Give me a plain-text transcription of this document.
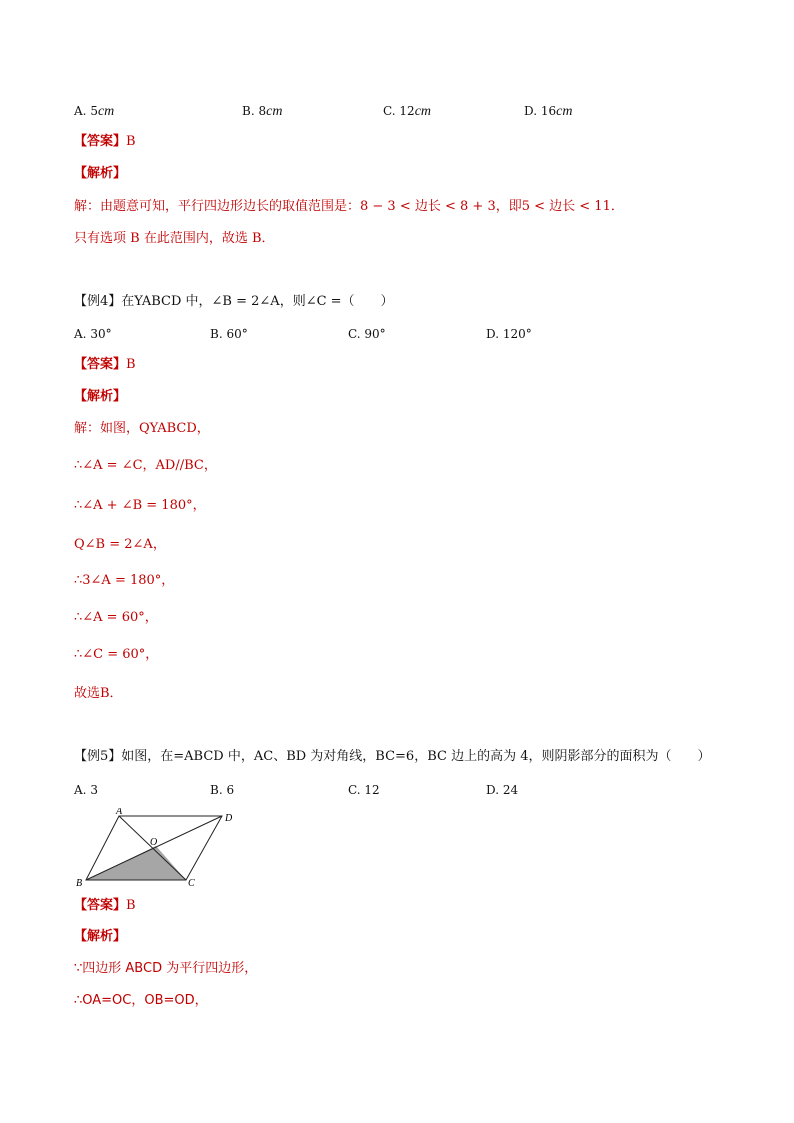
A. 5cm	B. 8cm	C. 12cm	D. 16cm
【答案】B
【解析】
解：由题意可知，平行四边形边长的取值范围是：8 − 3 < 边长 < 8 + 3，即5 < 边长 < 11．
只有选项 B 在此范围内，故选 B．
【例4】在YABCD 中，∠B = 2∠A，则∠C =（　　）
A. 30°	B. 60°	C. 90°	D. 120°
【答案】B
【解析】
解：如图，QYABCD，
∴∠A = ∠C，AD//BC，
∴∠A + ∠B = 180°，
Q∠B = 2∠A，
∴3∠A = 180°，
∴∠A = 60°，
∴∠C = 60°，
故选B．
【例5】如图，在=ABCD 中，AC、BD 为对角线，BC=6，BC 边上的高为 4，则阴影部分的面积为（　　）
A. 3	B. 6	C. 12	D. 24
A
D
B	C
O
【答案】B
【解析】
∵四边形 ABCD 为平行四边形，
∴OA=OC，OB=OD，
